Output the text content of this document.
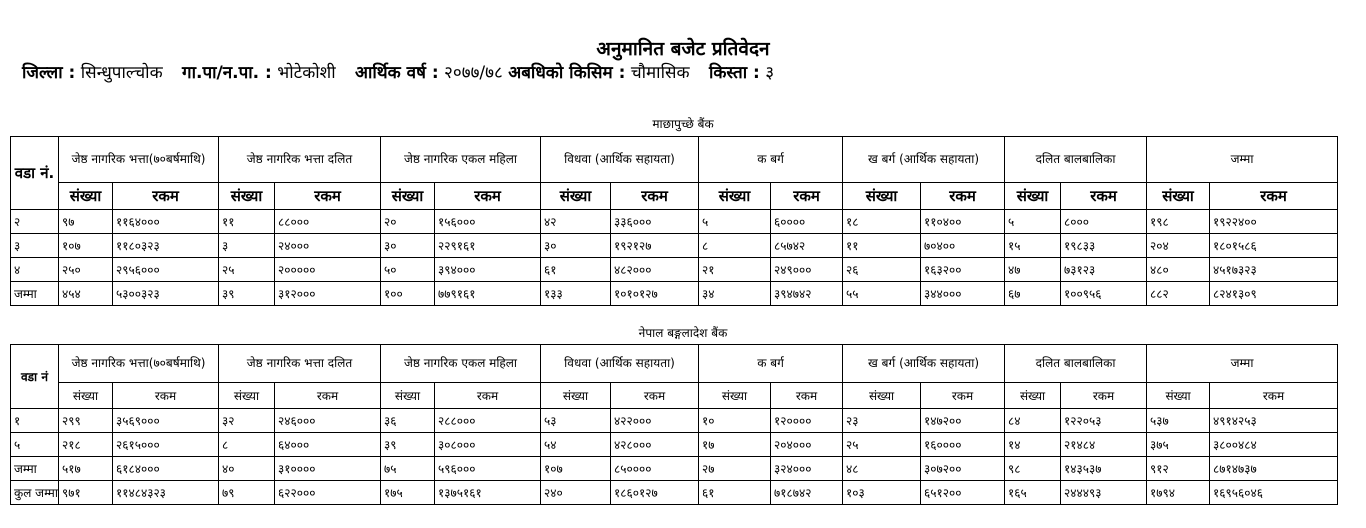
अनुमानित बजेट प्रतिवेदन
जिल्ला : सिन्धुपाल्चोक गा.पा/न.पा. : भोटेकोशी आर्थिक वर्ष : २०७७/७८ अबधिको किसिम : चौमासिक किस्ता : ३
माछापुच्छे बैंक
वडा नं.	जेष्ठ नागरिक भत्ता(७०बर्षमाथि)		जेष्ठ नागरिक भत्ता दलित		जेष्ठ नागरिक एकल महिला		विधवा (आर्थिक सहायता)		क बर्ग		ख बर्ग (आर्थिक सहायता)		दलित बालबालिका		जम्मा	
	संख्या	रकम	संख्या	रकम	संख्या	रकम	संख्या	रकम	संख्या	रकम	संख्या	रकम	संख्या	रकम	संख्या	रकम
२	९७	११६४०००	११	८८०००	२०	१५६०००	४२	३३६०००	५	६००००	१८	११०४००	५	८०००	१९८	१९२२४००
३	१०७	११८०३२३	३	२४०००	३०	२२९१६१	३०	१९२१२७	८	८५७४२	११	७०४००	१५	१९८३३	२०४	१८०१५८६
४	२५०	२९५६०००	२५	२०००००	५०	३९४०००	६१	४८२०००	२१	२४९०००	२६	१६३२००	४७	७३१२३	४८०	४५१७३२३
जम्मा	४५४	५३००३२३	३९	३१२०००	१००	७७९१६१	१३३	१०१०१२७	३४	३९४७४२	५५	३४४०००	६७	१००९५६	८८२	८२४१३०९
नेपाल बङ्गलादेश बैंक
वडा नं	जेष्ठ नागरिक भत्ता(७०बर्षमाथि)		जेष्ठ नागरिक भत्ता दलित		जेष्ठ नागरिक एकल महिला		विधवा (आर्थिक सहायता)		क बर्ग		ख बर्ग (आर्थिक सहायता)		दलित बालबालिका		जम्मा	
	संख्या	रकम	संख्या	रकम	संख्या	रकम	संख्या	रकम	संख्या	रकम	संख्या	रकम	संख्या	रकम	संख्या	रकम
१	२९९	३५६९०००	३२	२४६०००	३६	२८८०००	५३	४२२०००	१०	१२००००	२३	१४७२००	८४	१२२०५३	५३७	४९१४२५३
५	२१८	२६१५०००	८	६४०००	३९	३०८०००	५४	४२८०००	१७	२०४०००	२५	१६००००	१४	२१४८४	३७५	३८००४८४
जम्मा	५१७	६१८४०००	४०	३१००००	७५	५९६०००	१०७	८५००००	२७	३२४०००	४८	३०७२००	९८	१४३५३७	९१२	८७१४७३७
कुल जम्मा	९७१	११४८४३२३	७९	६२२०००	१७५	१३७५१६१	२४०	१८६०१२७	६१	७१८७४२	१०३	६५१२००	१६५	२४४४९३	१७९४	१६९५६०४६
